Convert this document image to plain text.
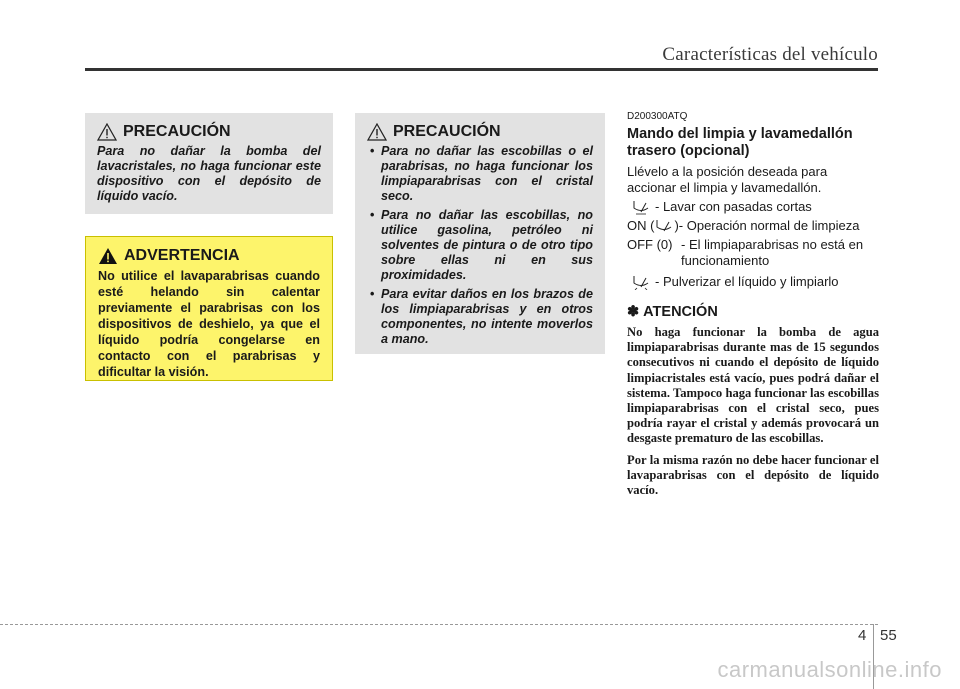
Características del vehículo
PRECAUCIÓN
Para no dañar la bomba del lavacristales, no haga funcionar este dispositivo con el depósito de líquido vacío.
ADVERTENCIA
No utilice el lavaparabrisas cuando esté helando sin calentar previamente el parabrisas con los dispositivos de deshielo, ya que el líquido podría congelarse en contacto con el parabrisas y dificultar la visión.
PRECAUCIÓN
• Para no dañar las escobillas o el parabrisas, no haga funcionar los limpiaparabrisas con el cristal seco.
• Para no dañar las escobillas, no utilice gasolina, petróleo ni solventes de pintura o de otro tipo sobre ellas ni en sus proximidades.
• Para evitar daños en los brazos de los limpiaparabrisas y en otros componentes, no intente moverlos a mano.
D200300ATQ
Mando del limpia y lavamedallón trasero (opcional)
Llévelo a la posición deseada para accionar el limpia y lavamedallón.
- Lavar con pasadas cortas
ON ( )- Operación normal de limpieza
OFF (0) - El limpiaparabrisas no está en funcionamiento
- Pulverizar el líquido y limpiarlo
✽ ATENCIÓN

No haga funcionar la bomba de agua limpiaparabrisas durante mas de 15 segundos consecutivos ni cuando el depósito de líquido limpiacristales está vacío, pues podrá dañar el sistema. Tampoco haga funcionar las escobillas limpiaparabrisas con el cristal seco, pues podría rayar el cristal y además provocará un desgaste prematuro de las escobillas.

Por la misma razón no debe hacer funcionar el lavaparabrisas con el depósito de líquido vacío.

4 55
carmanualsonline.info
